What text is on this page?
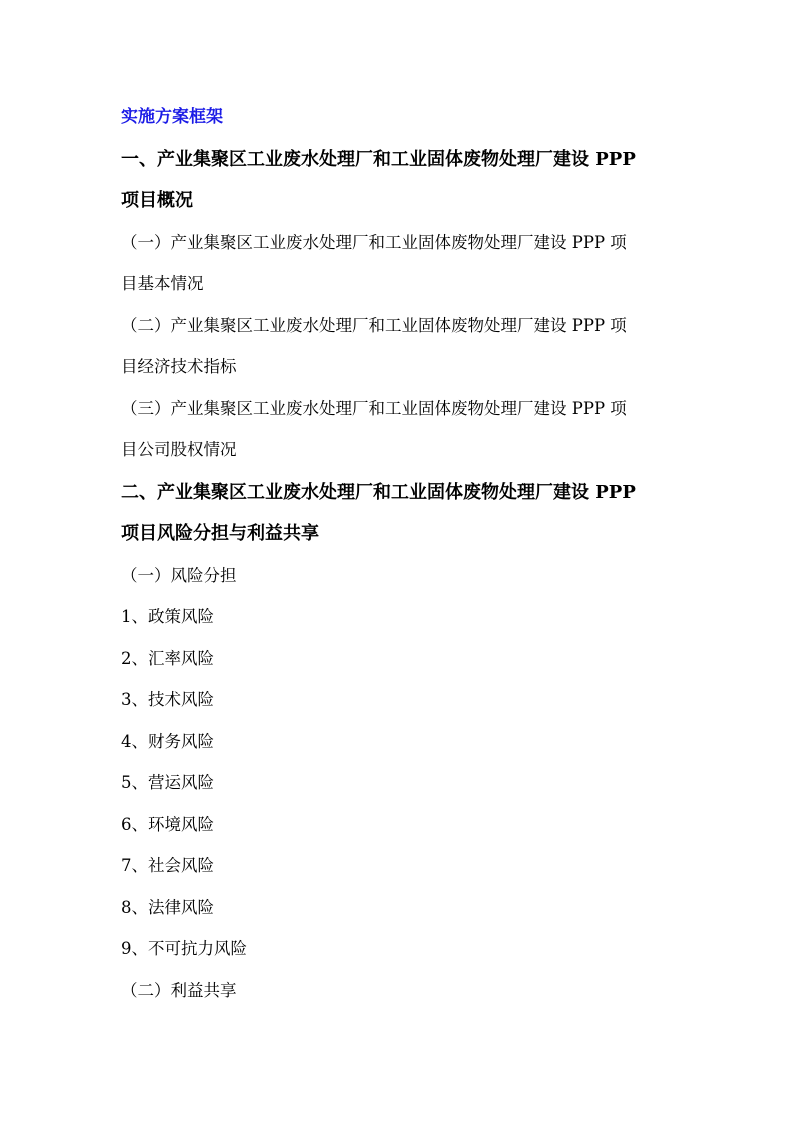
实施方案框架
一、产业集聚区工业废水处理厂和工业固体废物处理厂建设 PPP
项目概况
（一）产业集聚区工业废水处理厂和工业固体废物处理厂建设 PPP 项
目基本情况
（二）产业集聚区工业废水处理厂和工业固体废物处理厂建设 PPP 项
目经济技术指标
（三）产业集聚区工业废水处理厂和工业固体废物处理厂建设 PPP 项
目公司股权情况
二、产业集聚区工业废水处理厂和工业固体废物处理厂建设 PPP
项目风险分担与利益共享
（一）风险分担
1、政策风险
2、汇率风险
3、技术风险
4、财务风险
5、营运风险
6、环境风险
7、社会风险
8、法律风险
9、不可抗力风险
（二）利益共享
